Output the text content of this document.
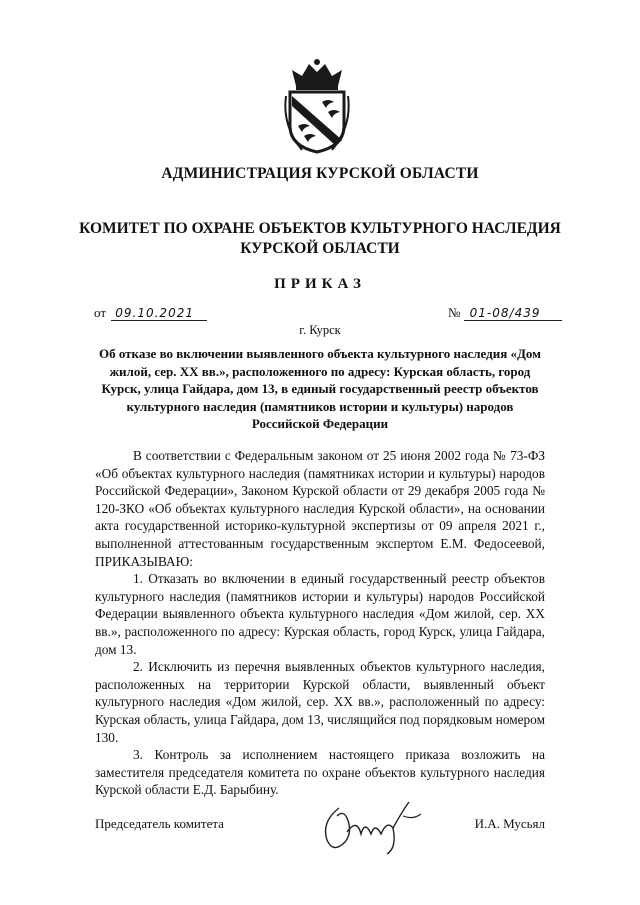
АДМИНИСТРАЦИЯ КУРСКОЙ ОБЛАСТИ
КОМИТЕТ ПО ОХРАНЕ ОБЪЕКТОВ КУЛЬТУРНОГО НАСЛЕДИЯ
КУРСКОЙ ОБЛАСТИ
ПРИКАЗ
от 09.10.2021	№ 01-08/439
г. Курск
Об отказе во включении выявленного объекта культурного наследия «Дом жилой, сер. XX вв.», расположенного по адресу: Курская область, город Курск, улица Гайдара, дом 13, в единый государственный реестр объектов культурного наследия (памятников истории и культуры) народов Российской Федерации

В соответствии с Федеральным законом от 25 июня 2002 года № 73-ФЗ «Об объектах культурного наследия (памятниках истории и культуры) народов Российской Федерации», Законом Курской области от 29 декабря 2005 года № 120-ЗКО «Об объектах культурного наследия Курской области», на основании акта государственной историко-культурной экспертизы от 09 апреля 2021 г., выполненной аттестованным государственным экспертом Е.М. Федосеевой, ПРИКАЗЫВАЮ:

1. Отказать во включении в единый государственный реестр объектов культурного наследия (памятников истории и культуры) народов Российской Федерации выявленного объекта культурного наследия «Дом жилой, сер. XX вв.», расположенного по адресу: Курская область, город Курск, улица Гайдара, дом 13.

2. Исключить из перечня выявленных объектов культурного наследия, расположенных на территории Курской области, выявленный объект культурного наследия «Дом жилой, сер. XX вв.», расположенный по адресу: Курская область, улица Гайдара, дом 13, числящийся под порядковым номером 130.

3. Контроль за исполнением настоящего приказа возложить на заместителя председателя комитета по охране объектов культурного наследия Курской области Е.Д. Барыбину.

Председатель комитета	И.А. Мусьял
